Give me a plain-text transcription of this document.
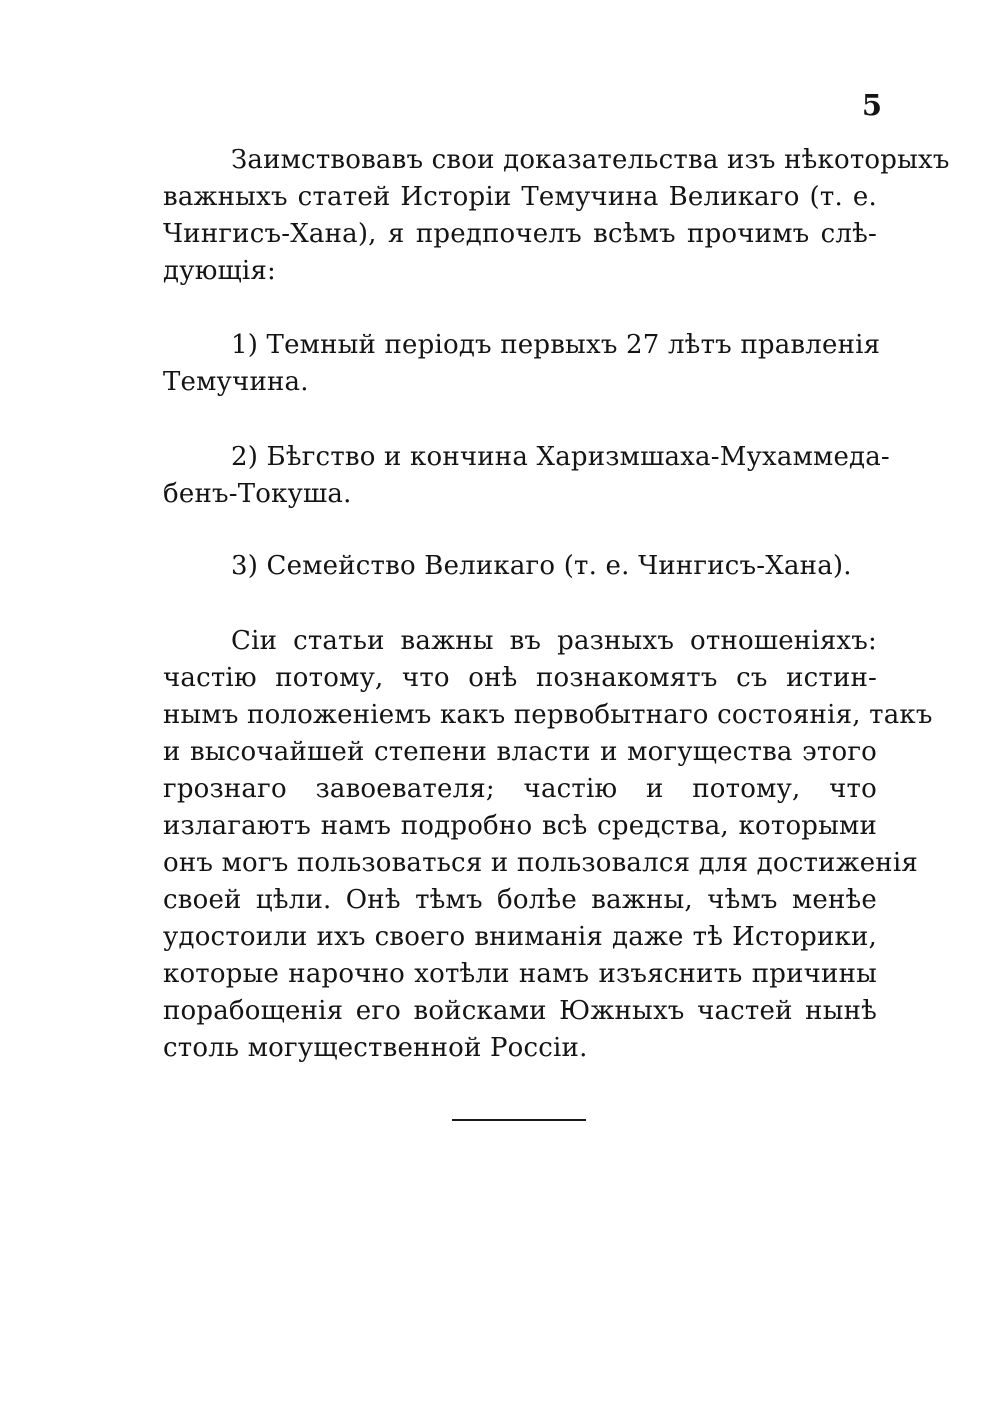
5
Заимствовавъ свои доказательства изъ нѣкоторыхъ
важныхъ статей Исторіи Темучина Великаго (т. е.
Чингисъ-Хана), я предпочелъ всѣмъ прочимъ слѣ-
дующія:
1) Темный періодъ первыхъ 27 лѣтъ правленія
Темучина.
2) Бѣгство и кончина Харизмшаха-Мухаммеда-
бенъ-Токуша.
3) Семейство Великаго (т. е. Чингисъ-Хана).
Сіи статьи важны въ разныхъ отношеніяхъ:
частію потому, что онѣ познакомятъ съ истин-
нымъ положеніемъ какъ первобытнаго состоянія, такъ
и высочайшей степени власти и могущества этого
грознаго завоевателя; частію и потому, что
излагаютъ намъ подробно всѣ средства, которыми
онъ могъ пользоваться и пользовался для достиженія
своей цѣли. Онѣ тѣмъ болѣе важны, чѣмъ менѣе
удостоили ихъ своего вниманія даже тѣ Историки,
которые нарочно хотѣли намъ изъяснить причины
порабощенія его войсками Южныхъ частей нынѣ
столь могущественной Россіи.
